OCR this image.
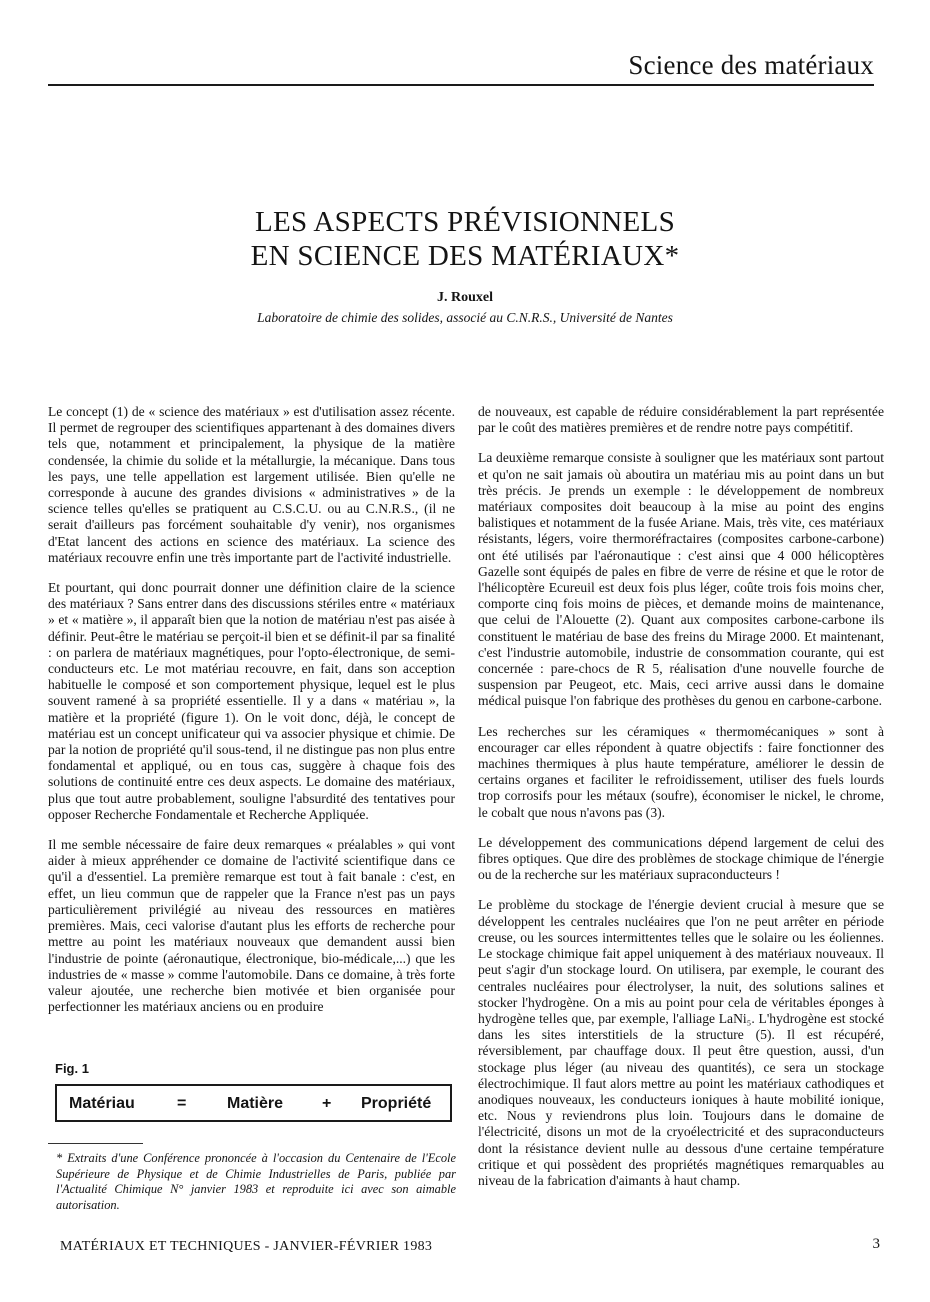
Science des matériaux
LES ASPECTS PRÉVISIONNELS
EN SCIENCE DES MATÉRIAUX*
J. Rouxel
Laboratoire de chimie des solides, associé au C.N.R.S., Université de Nantes

Le concept (1) de « science des matériaux » est d'utilisation assez récente. Il permet de regrouper des scientifiques appartenant à des domaines divers tels que, notamment et principalement, la physique de la matière condensée, la chimie du solide et la métallurgie, la mécanique. Dans tous les pays, une telle appellation est largement utilisée. Bien qu'elle ne corresponde à aucune des grandes divisions « administratives » de la science telles qu'elles se pratiquent au C.S.C.U. ou au C.N.R.S., (il ne serait d'ailleurs pas forcément souhaitable d'y venir), nos organismes d'Etat lancent des actions en science des matériaux. La science des matériaux recouvre enfin une très importante part de l'activité industrielle.

Et pourtant, qui donc pourrait donner une définition claire de la science des matériaux ? Sans entrer dans des discussions stériles entre « matériaux » et « matière », il apparaît bien que la notion de matériau n'est pas aisée à définir. Peut-être le matériau se perçoit-il bien et se définit-il par sa finalité : on parlera de matériaux magnétiques, pour l'opto-électronique, de semi-conducteurs etc. Le mot matériau recouvre, en fait, dans son acception habituelle le composé et son comportement physique, lequel est le plus souvent ramené à sa propriété essentielle. Il y a dans « matériau », la matière et la propriété (figure 1). On le voit donc, déjà, le concept de matériau est un concept unificateur qui va associer physique et chimie. De par la notion de propriété qu'il sous-tend, il ne distingue pas non plus entre fondamental et appliqué, ou en tous cas, suggère à chaque fois des solutions de continuité entre ces deux aspects. Le domaine des matériaux, plus que tout autre probablement, souligne l'absurdité des tentatives pour opposer Recherche Fondamentale et Recherche Appliquée.

Il me semble nécessaire de faire deux remarques « préalables » qui vont aider à mieux appréhender ce domaine de l'activité scientifique dans ce qu'il a d'essentiel. La première remarque est tout à fait banale : c'est, en effet, un lieu commun que de rappeler que la France n'est pas un pays particulièrement privilégié au niveau des ressources en matières premières. Mais, ceci valorise d'autant plus les efforts de recherche pour mettre au point les matériaux nouveaux que demandent aussi bien l'industrie de pointe (aéronautique, électronique, bio-médicale,...) que les industries de « masse » comme l'automobile. Dans ce domaine, à très forte valeur ajoutée, une recherche bien motivée et bien organisée pour perfectionner les matériaux anciens ou en produire

Fig. 1
Matériau	=	Matière + Propriété
* Extraits d'une Conférence prononcée à l'occasion du Centenaire de l'Ecole Supérieure de Physique et de Chimie Industrielles de Paris, publiée par l'Actualité Chimique N° janvier 1983 et reproduite ici avec son aimable autorisation.

de nouveaux, est capable de réduire considérablement la part représentée par le coût des matières premières et de rendre notre pays compétitif.

La deuxième remarque consiste à souligner que les matériaux sont partout et qu'on ne sait jamais où aboutira un matériau mis au point dans un but très précis. Je prends un exemple : le développement de nombreux matériaux composites doit beaucoup à la mise au point des engins balistiques et notamment de la fusée Ariane. Mais, très vite, ces matériaux résistants, légers, voire thermoréfractaires (composites carbone-carbone) ont été utilisés par l'aéronautique : c'est ainsi que 4 000 hélicoptères Gazelle sont équipés de pales en fibre de verre de résine et que le rotor de l'hélicoptère Ecureuil est deux fois plus léger, coûte trois fois moins cher, comporte cinq fois moins de pièces, et demande moins de maintenance, que celui de l'Alouette (2). Quant aux composites carbone-carbone ils constituent le matériau de base des freins du Mirage 2000. Et maintenant, c'est l'industrie automobile, industrie de consommation courante, qui est concernée : pare-chocs de R 5, réalisation d'une nouvelle fourche de suspension par Peugeot, etc. Mais, ceci arrive aussi dans le domaine médical puisque l'on fabrique des prothèses du genou en carbone-carbone.

Les recherches sur les céramiques « thermomécaniques » sont à encourager car elles répondent à quatre objectifs : faire fonctionner des machines thermiques à plus haute température, améliorer le dessin de certains organes et faciliter le refroidissement, utiliser des fuels lourds trop corrosifs pour les métaux (soufre), économiser le nickel, le chrome, le cobalt que nous n'avons pas (3).

Le développement des communications dépend largement de celui des fibres optiques. Que dire des problèmes de stockage chimique de l'énergie ou de la recherche sur les matériaux supraconducteurs !

Le problème du stockage de l'énergie devient crucial à mesure que se développent les centrales nucléaires que l'on ne peut arrêter en période creuse, ou les sources intermittentes telles que le solaire ou les éoliennes. Le stockage chimique fait appel uniquement à des matériaux nouveaux. Il peut s'agir d'un stockage lourd. On utilisera, par exemple, le courant des centrales nucléaires pour électrolyser, la nuit, des solutions salines et stocker l'hydrogène. On a mis au point pour cela de véritables éponges à hydrogène telles que, par exemple, l'alliage LaNi₅. L'hydrogène est stocké dans les sites interstitiels de la structure (5). Il est récupéré, réversiblement, par chauffage doux. Il peut être question, aussi, d'un stockage plus léger (au niveau des quantités), ce sera un stockage électrochimique. Il faut alors mettre au point les matériaux cathodiques et anodiques nouveaux, les conducteurs ioniques à haute mobilité ionique, etc. Nous y reviendrons plus loin. Toujours dans le domaine de l'électricité, disons un mot de la cryoélectricité et des supraconducteurs dont la résistance devient nulle au dessous d'une certaine température critique et qui possèdent des propriétés magnétiques remarquables au niveau de la fabrication d'aimants à haut champ.

MATÉRIAUX ET TECHNIQUES - JANVIER-FÉVRIER 1983	3
